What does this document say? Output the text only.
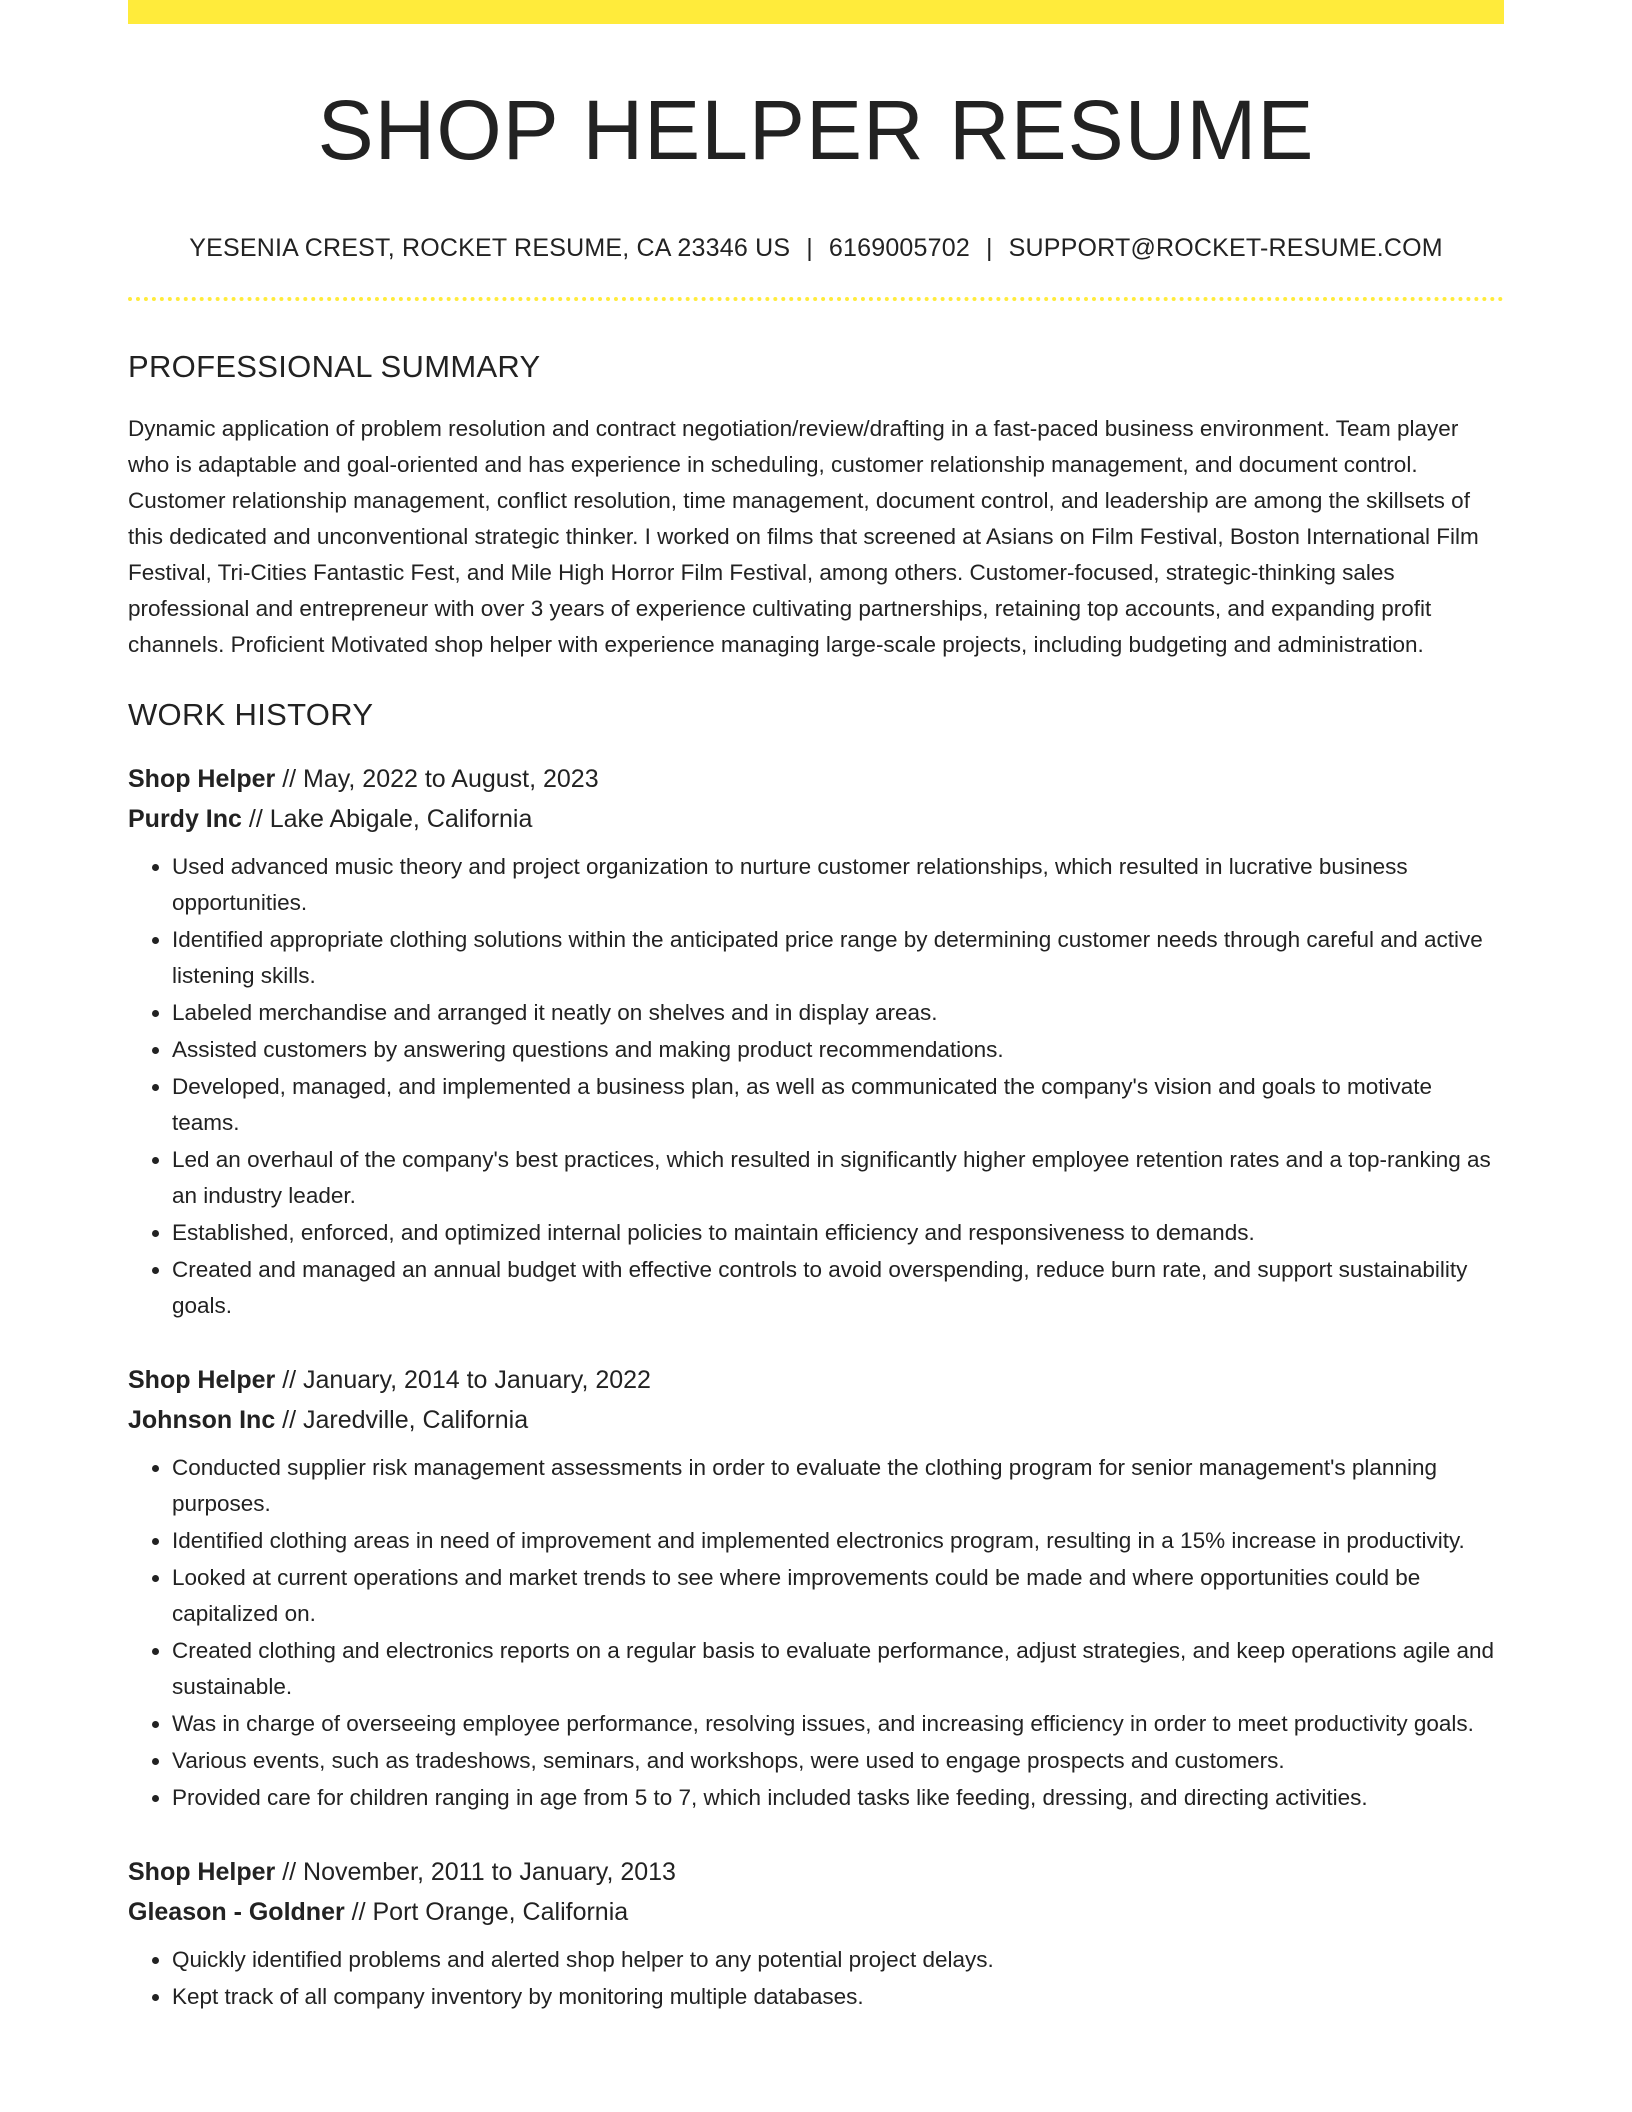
SHOP HELPER RESUME
YESENIA CREST, ROCKET RESUME, CA 23346 US | 6169005702 | SUPPORT@ROCKET-RESUME.COM
PROFESSIONAL SUMMARY

Dynamic application of problem resolution and contract negotiation/review/drafting in a fast-paced business environment. Team player who is adaptable and goal-oriented and has experience in scheduling, customer relationship management, and document control. Customer relationship management, conflict resolution, time management, document control, and leadership are among the skillsets of this dedicated and unconventional strategic thinker. I worked on films that screened at Asians on Film Festival, Boston International Film Festival, Tri-Cities Fantastic Fest, and Mile High Horror Film Festival, among others. Customer-focused, strategic-thinking sales professional and entrepreneur with over 3 years of experience cultivating partnerships, retaining top accounts, and expanding profit channels. Proficient Motivated shop helper with experience managing large-scale projects, including budgeting and administration.

WORK HISTORY
Shop Helper // May, 2022 to August, 2023
Purdy Inc // Lake Abigale, California
• Used advanced music theory and project organization to nurture customer relationships, which resulted in lucrative business opportunities.
• Identified appropriate clothing solutions within the anticipated price range by determining customer needs through careful and active listening skills.
• Labeled merchandise and arranged it neatly on shelves and in display areas.
• Assisted customers by answering questions and making product recommendations.
• Developed, managed, and implemented a business plan, as well as communicated the company's vision and goals to motivate teams.
• Led an overhaul of the company's best practices, which resulted in significantly higher employee retention rates and a top-ranking as an industry leader.
• Established, enforced, and optimized internal policies to maintain efficiency and responsiveness to demands.
• Created and managed an annual budget with effective controls to avoid overspending, reduce burn rate, and support sustainability goals.
Shop Helper // January, 2014 to January, 2022
Johnson Inc // Jaredville, California
• Conducted supplier risk management assessments in order to evaluate the clothing program for senior management's planning purposes.
• Identified clothing areas in need of improvement and implemented electronics program, resulting in a 15% increase in productivity.
• Looked at current operations and market trends to see where improvements could be made and where opportunities could be capitalized on.
• Created clothing and electronics reports on a regular basis to evaluate performance, adjust strategies, and keep operations agile and sustainable.
• Was in charge of overseeing employee performance, resolving issues, and increasing efficiency in order to meet productivity goals.
• Various events, such as tradeshows, seminars, and workshops, were used to engage prospects and customers.
• Provided care for children ranging in age from 5 to 7, which included tasks like feeding, dressing, and directing activities.
Shop Helper // November, 2011 to January, 2013
Gleason - Goldner // Port Orange, California
• Quickly identified problems and alerted shop helper to any potential project delays.
• Kept track of all company inventory by monitoring multiple databases.
